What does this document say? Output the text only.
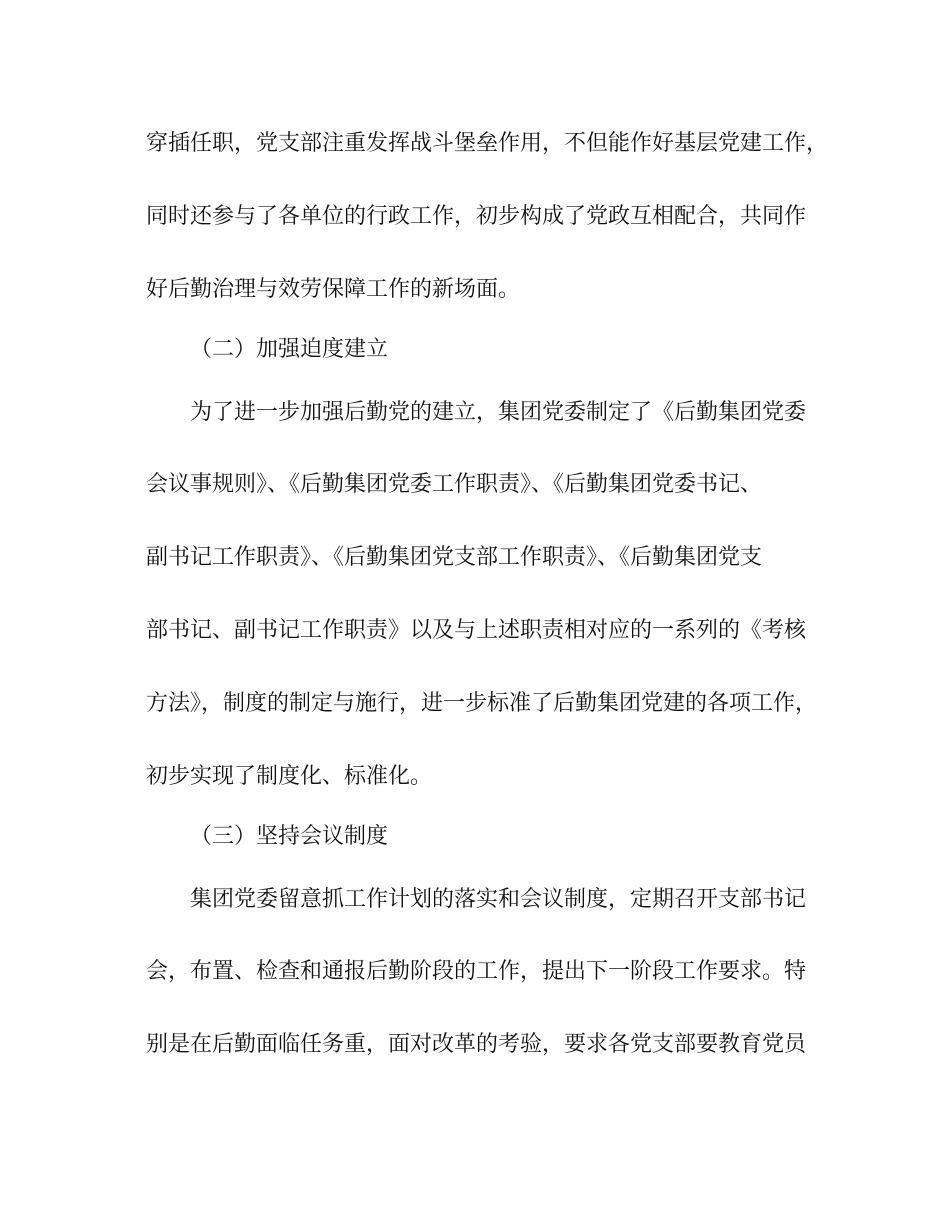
穿插任职，党支部注重发挥战斗堡垒作用，不但能作好基层党建工作，
同时还参与了各单位的行政工作，初步构成了党政互相配合，共同作
好后勤治理与效劳保障工作的新场面。
（二）加强迫度建立
为了进一步加强后勤党的建立，集团党委制定了《后勤集团党委
会议事规则》、《后勤集团党委工作职责》、《后勤集团党委书记、
副书记工作职责》、《后勤集团党支部工作职责》、《后勤集团党支
部书记、副书记工作职责》以及与上述职责相对应的一系列的《考核
方法》，制度的制定与施行，进一步标准了后勤集团党建的各项工作，
初步实现了制度化、标准化。
（三）坚持会议制度
集团党委留意抓工作计划的落实和会议制度，定期召开支部书记
会，布置、检查和通报后勤阶段的工作，提出下一阶段工作要求。特
别是在后勤面临任务重，面对改革的考验，要求各党支部要教育党员
